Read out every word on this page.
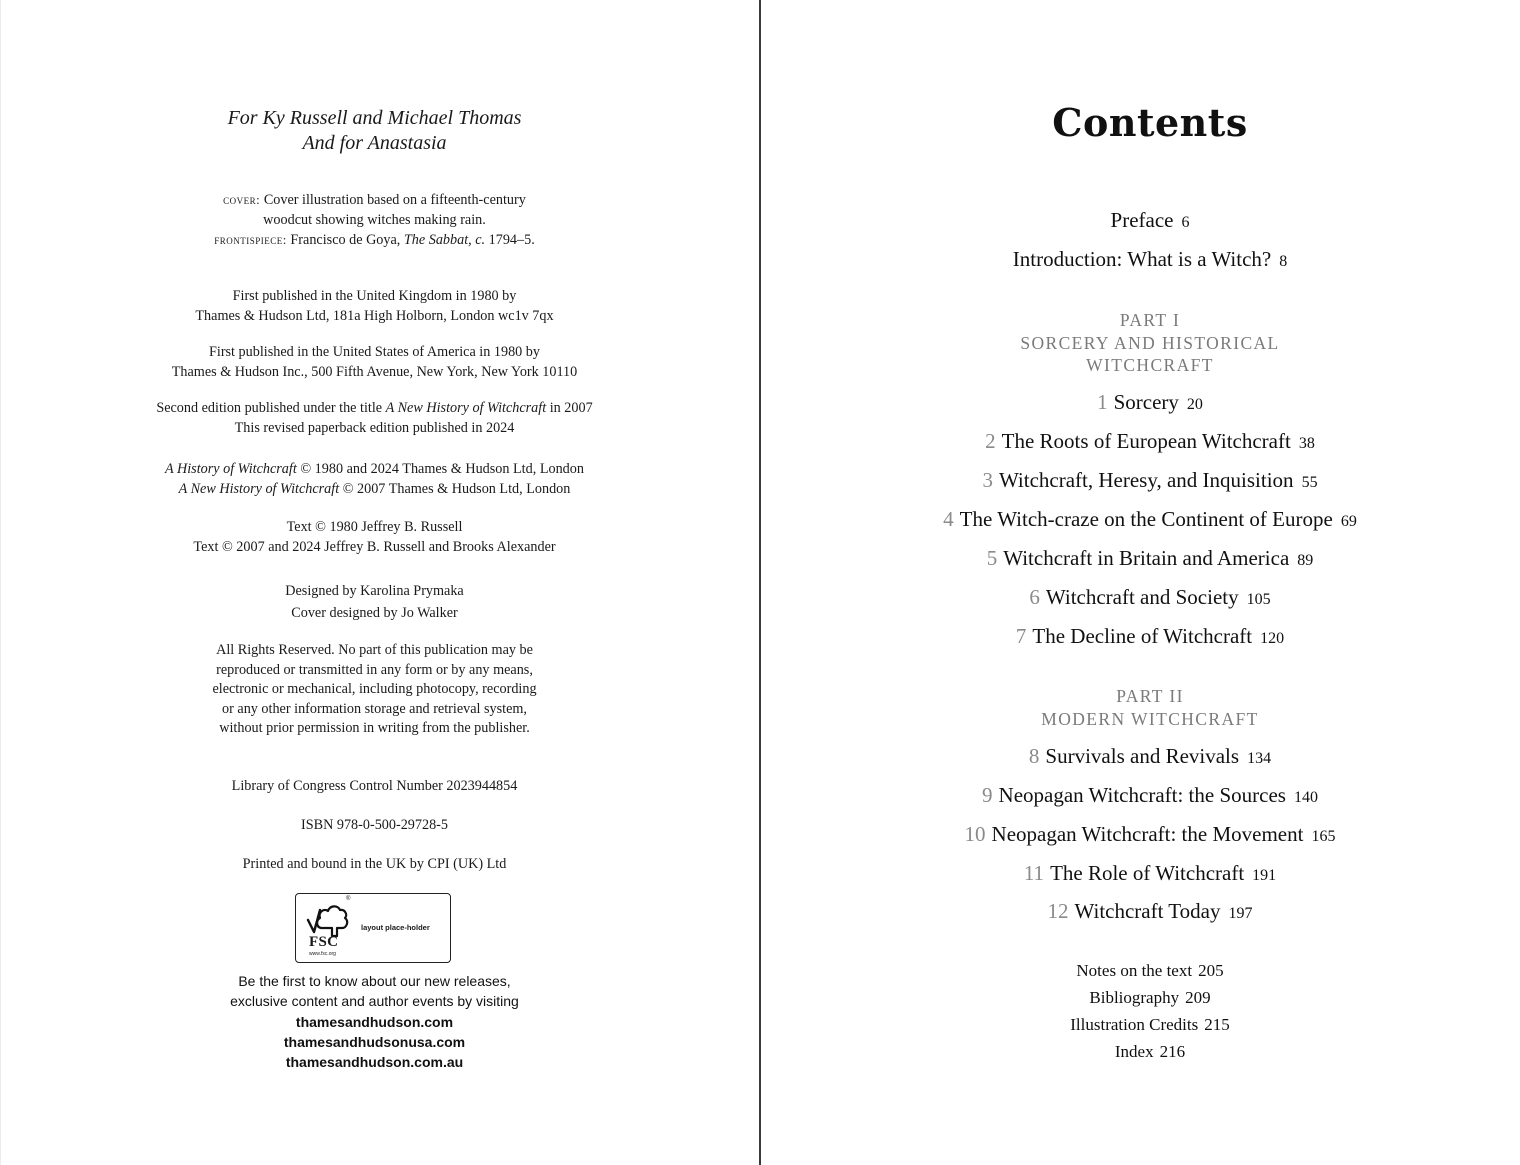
For Ky Russell and Michael Thomas
And for Anastasia
cover: Cover illustration based on a fifteenth-century
woodcut showing witches making rain.
frontispiece: Francisco de Goya, The Sabbat, c. 1794–5.
First published in the United Kingdom in 1980 by
Thames & Hudson Ltd, 181a High Holborn, London wc1v 7qx
First published in the United States of America in 1980 by
Thames & Hudson Inc., 500 Fifth Avenue, New York, New York 10110
Second edition published under the title A New History of Witchcraft in 2007
This revised paperback edition published in 2024
A History of Witchcraft © 1980 and 2024 Thames & Hudson Ltd, London
A New History of Witchcraft © 2007 Thames & Hudson Ltd, London
Text © 1980 Jeffrey B. Russell
Text © 2007 and 2024 Jeffrey B. Russell and Brooks Alexander
Designed by Karolina Prymaka
Cover designed by Jo Walker
All Rights Reserved. No part of this publication may be
reproduced or transmitted in any form or by any means,
electronic or mechanical, including photocopy, recording
or any other information storage and retrieval system,
without prior permission in writing from the publisher.
Library of Congress Control Number 2023944854
ISBN 978-0-500-29728-5
Printed and bound in the UK by CPI (UK) Ltd
®
FSC
www.fsc.org
layout place-holder
Be the first to know about our new releases,
exclusive content and author events by visiting
thamesandhudson.com
thamesandhudsonusa.com
thamesandhudson.com.au
Contents
Preface 6
Introduction: What is a Witch? 8
PART I
SORCERY AND HISTORICAL
WITCHCRAFT
1 Sorcery 20
2 The Roots of European Witchcraft 38
3 Witchcraft, Heresy, and Inquisition 55
4 The Witch-craze on the Continent of Europe 69
5 Witchcraft in Britain and America 89
6 Witchcraft and Society 105
7 The Decline of Witchcraft 120
PART II
MODERN WITCHCRAFT
8 Survivals and Revivals 134
9 Neopagan Witchcraft: the Sources 140
10 Neopagan Witchcraft: the Movement 165
11 The Role of Witchcraft 191
12 Witchcraft Today 197
Notes on the text 205
Bibliography 209
Illustration Credits 215
Index 216
